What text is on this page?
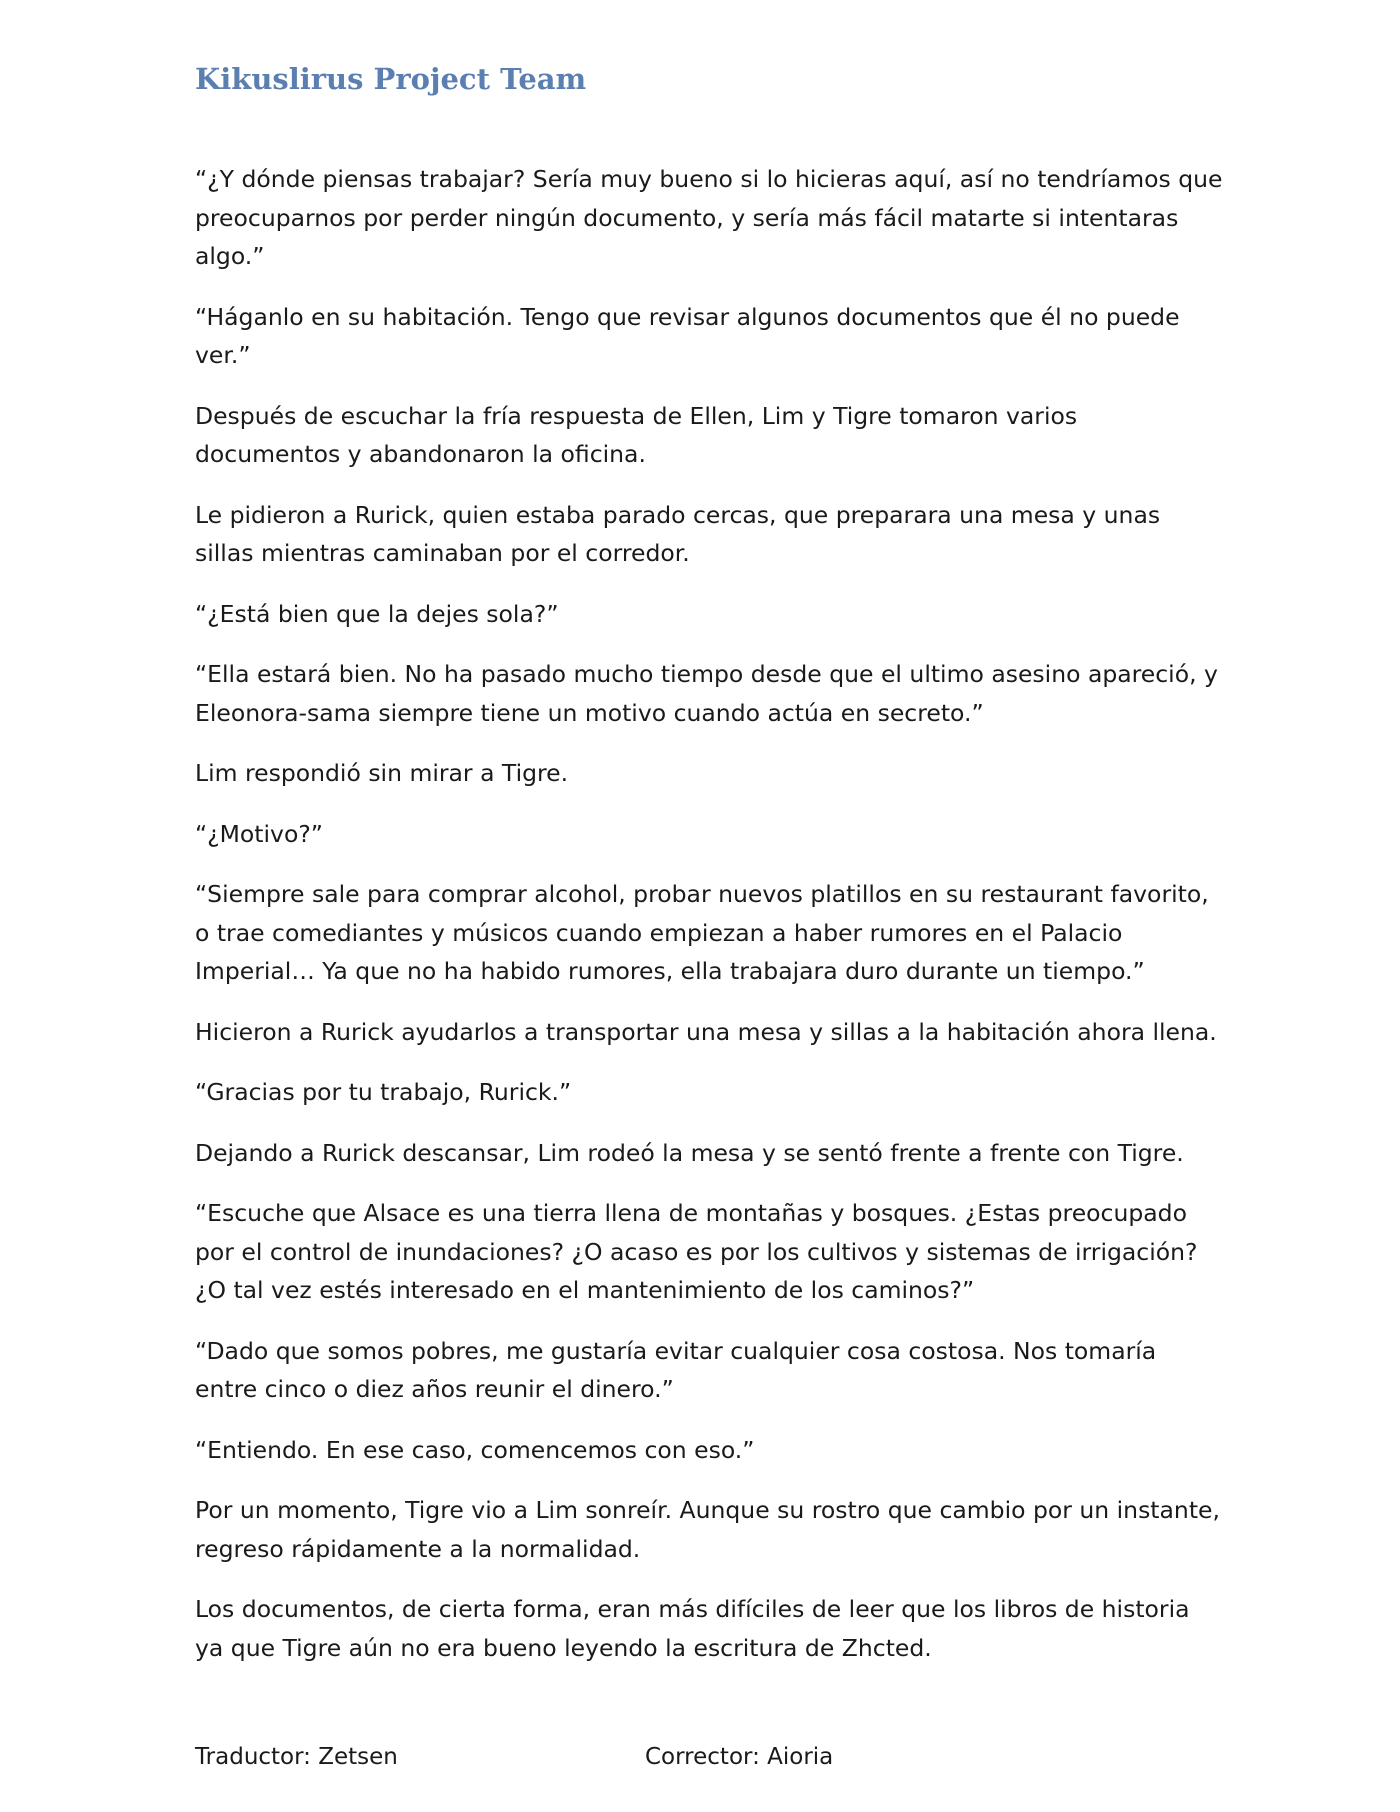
Kikuslirus Project Team

“¿Y dónde piensas trabajar? Sería muy bueno si lo hicieras aquí, así no tendríamos que preocuparnos por perder ningún documento, y sería más fácil matarte si intentaras algo.”

“Háganlo en su habitación. Tengo que revisar algunos documentos que él no puede ver.”

Después de escuchar la fría respuesta de Ellen, Lim y Tigre tomaron varios documentos y abandonaron la oficina.

Le pidieron a Rurick, quien estaba parado cercas, que preparara una mesa y unas sillas mientras caminaban por el corredor.

“¿Está bien que la dejes sola?”

“Ella estará bien. No ha pasado mucho tiempo desde que el ultimo asesino apareció, y Eleonora-sama siempre tiene un motivo cuando actúa en secreto.”

Lim respondió sin mirar a Tigre.

“¿Motivo?”

“Siempre sale para comprar alcohol, probar nuevos platillos en su restaurant favorito, o trae comediantes y músicos cuando empiezan a haber rumores en el Palacio Imperial… Ya que no ha habido rumores, ella trabajara duro durante un tiempo.”

Hicieron a Rurick ayudarlos a transportar una mesa y sillas a la habitación ahora llena.

“Gracias por tu trabajo, Rurick.”

Dejando a Rurick descansar, Lim rodeó la mesa y se sentó frente a frente con Tigre.

“Escuche que Alsace es una tierra llena de montañas y bosques. ¿Estas preocupado por el control de inundaciones? ¿O acaso es por los cultivos y sistemas de irrigación? ¿O tal vez estés interesado en el mantenimiento de los caminos?”

“Dado que somos pobres, me gustaría evitar cualquier cosa costosa. Nos tomaría entre cinco o diez años reunir el dinero.”

“Entiendo. En ese caso, comencemos con eso.”

Por un momento, Tigre vio a Lim sonreír. Aunque su rostro que cambio por un instante, regreso rápidamente a la normalidad.

Los documentos, de cierta forma, eran más difíciles de leer que los libros de historia ya que Tigre aún no era bueno leyendo la escritura de Zhcted.

Traductor: Zetsen	Corrector: Aioria
